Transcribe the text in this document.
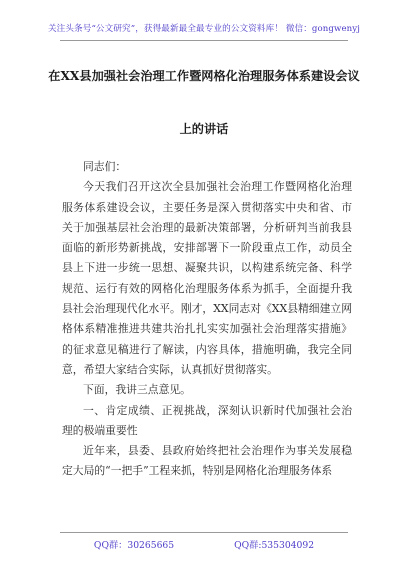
关注头条号“公文研究”，获得最新最全最专业的公文资料库！ 微信：gongwenyj
在XX县加强社会治理工作暨网格化治理服务体系建设会议
上的讲话

同志们：

今天我们召开这次全县加强社会治理工作暨网格化治理服务体系建设会议，主要任务是深入贯彻落实中央和省、市关于加强基层社会治理的最新决策部署，分析研判当前我县面临的新形势新挑战，安排部署下一阶段重点工作，动员全县上下进一步统一思想、凝聚共识，以构建系统完备、科学规范、运行有效的网格化治理服务体系为抓手，全面提升我县社会治理现代化水平。刚才，XX同志对《XX县精细建立网格体系精准推进共建共治扎扎实实加强社会治理落实措施》的征求意见稿进行了解读，内容具体，措施明确，我完全同意，希望大家结合实际，认真抓好贯彻落实。

下面，我讲三点意见。

一、肯定成绩、正视挑战，深刻认识新时代加强社会治理的极端重要性

近年来，县委、县政府始终把社会治理作为事关发展稳定大局的“一把手”工程来抓，特别是网格化治理服务体系

QQ群：30265665	QQ群:535304092
